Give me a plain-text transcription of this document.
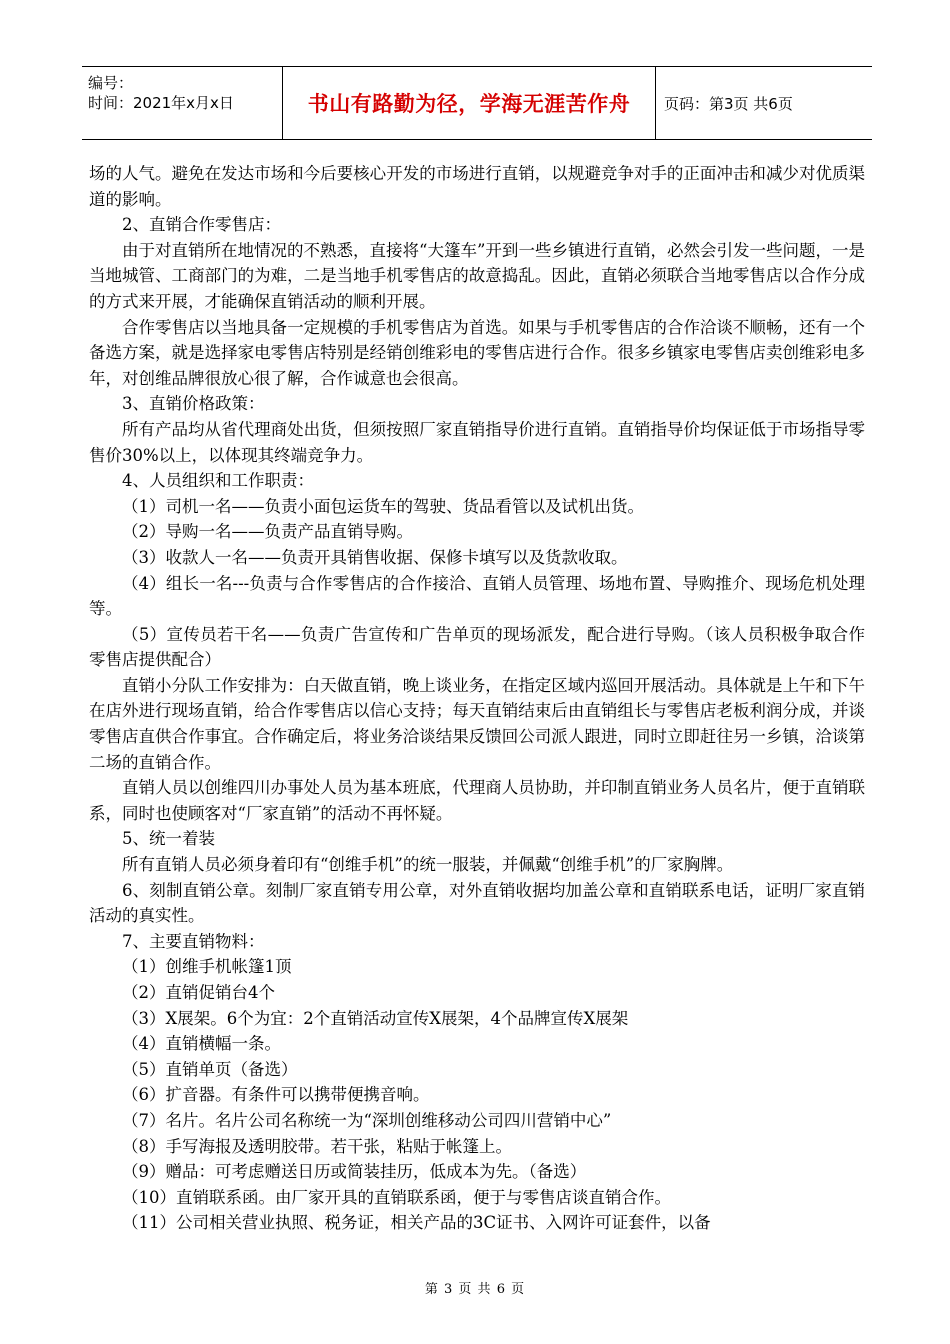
编号：
时间：2021年x月x日	书山有路勤为径，学海无涯苦作舟	页码：第3页 共6页

场的人气。避免在发达市场和今后要核心开发的市场进行直销，以规避竞争对手的正面冲击和减少对优质渠道的影响。

2、直销合作零售店：

由于对直销所在地情况的不熟悉，直接将“大篷车”开到一些乡镇进行直销，必然会引发一些问题，一是当地城管、工商部门的为难，二是当地手机零售店的故意捣乱。因此，直销必须联合当地零售店以合作分成的方式来开展，才能确保直销活动的顺利开展。

合作零售店以当地具备一定规模的手机零售店为首选。如果与手机零售店的合作洽谈不顺畅，还有一个备选方案，就是选择家电零售店特别是经销创维彩电的零售店进行合作。很多乡镇家电零售店卖创维彩电多年，对创维品牌很放心很了解，合作诚意也会很高。

3、直销价格政策：

所有产品均从省代理商处出货，但须按照厂家直销指导价进行直销。直销指导价均保证低于市场指导零售价30%以上，以体现其终端竞争力。

4、人员组织和工作职责：

（1）司机一名——负责小面包运货车的驾驶、货品看管以及试机出货。

（2）导购一名——负责产品直销导购。

（3）收款人一名——负责开具销售收据、保修卡填写以及货款收取。

（4）组长一名---负责与合作零售店的合作接洽、直销人员管理、场地布置、导购推介、现场危机处理等。

（5）宣传员若干名——负责广告宣传和广告单页的现场派发，配合进行导购。（该人员积极争取合作零售店提供配合）

直销小分队工作安排为：白天做直销，晚上谈业务，在指定区域内巡回开展活动。具体就是上午和下午在店外进行现场直销，给合作零售店以信心支持；每天直销结束后由直销组长与零售店老板利润分成，并谈零售店直供合作事宜。合作确定后，将业务洽谈结果反馈回公司派人跟进，同时立即赶往另一乡镇，洽谈第二场的直销合作。

直销人员以创维四川办事处人员为基本班底，代理商人员协助，并印制直销业务人员名片，便于直销联系，同时也使顾客对“厂家直销”的活动不再怀疑。

5、统一着装

所有直销人员必须身着印有“创维手机”的统一服装，并佩戴“创维手机”的厂家胸牌。

6、刻制直销公章。刻制厂家直销专用公章，对外直销收据均加盖公章和直销联系电话，证明厂家直销活动的真实性。

7、主要直销物料：

（1）创维手机帐篷1顶

（2）直销促销台4个

（3）X展架。6个为宜：2个直销活动宣传X展架，4个品牌宣传X展架

（4）直销横幅一条。

（5）直销单页（备选）

（6）扩音器。有条件可以携带便携音响。

（7）名片。名片公司名称统一为“深圳创维移动公司四川营销中心”

（8）手写海报及透明胶带。若干张，粘贴于帐篷上。

（9）赠品：可考虑赠送日历或简装挂历，低成本为先。（备选）

（10）直销联系函。由厂家开具的直销联系函，便于与零售店谈直销合作。

（11）公司相关营业执照、税务证，相关产品的3C证书、入网许可证套件，以备

第 3 页 共 6 页
